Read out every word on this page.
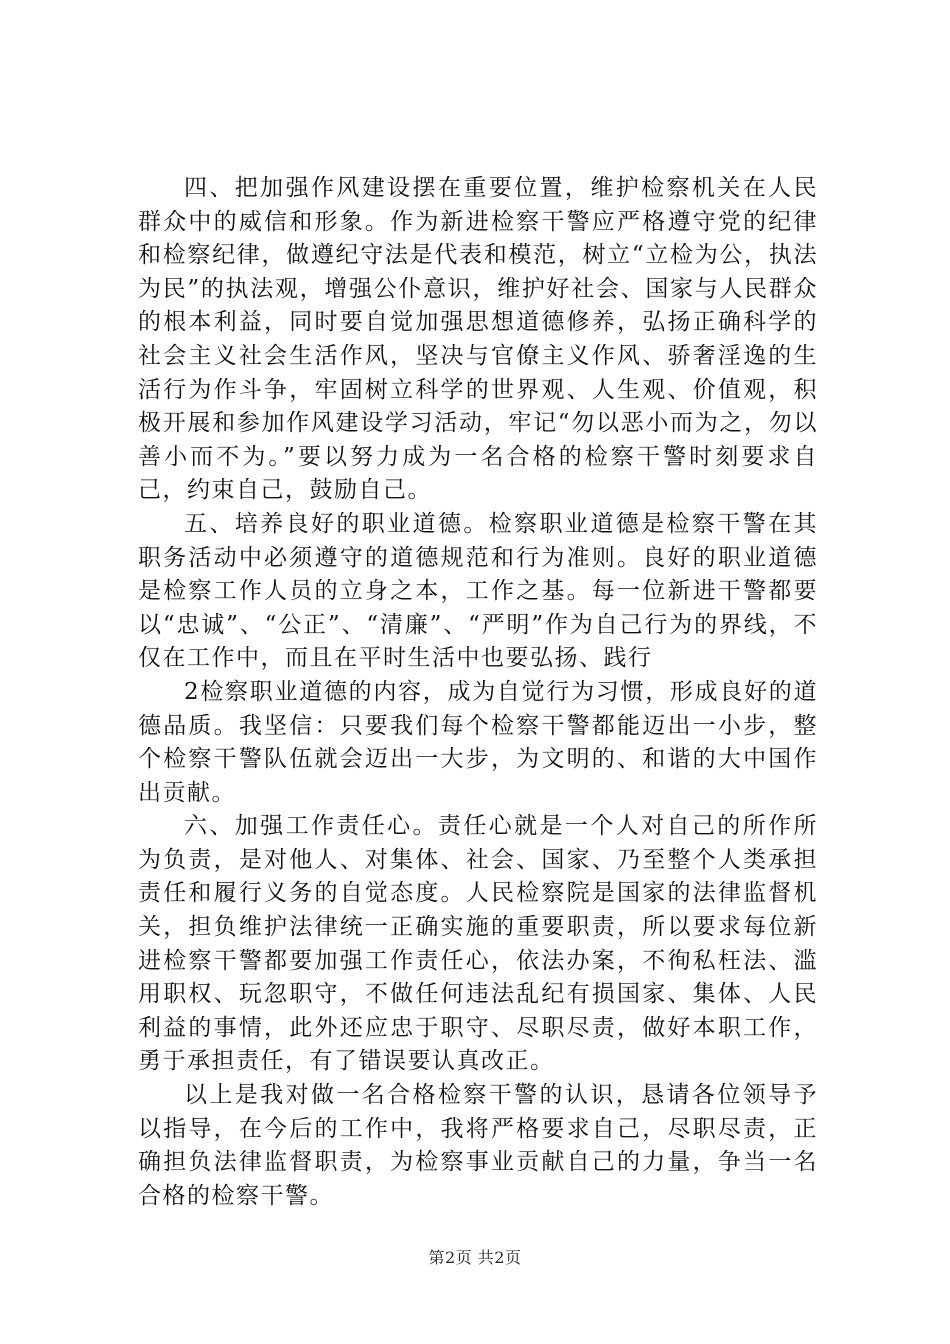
四、把加强作风建设摆在重要位置，维护检察机关在人民群众中的威信和形象。作为新进检察干警应严格遵守党的纪律和检察纪律，做遵纪守法是代表和模范，树立“立检为公，执法为民”的执法观，增强公仆意识，维护好社会、国家与人民群众的根本利益，同时要自觉加强思想道德修养，弘扬正确科学的社会主义社会生活作风，坚决与官僚主义作风、骄奢淫逸的生活行为作斗争，牢固树立科学的世界观、人生观、价值观，积极开展和参加作风建设学习活动，牢记“勿以恶小而为之，勿以善小而不为。”要以努力成为一名合格的检察干警时刻要求自己，约束自己，鼓励自己。

五、培养良好的职业道德。检察职业道德是检察干警在其职务活动中必须遵守的道德规范和行为准则。良好的职业道德是检察工作人员的立身之本，工作之基。每一位新进干警都要以“忠诚”、“公正”、“清廉”、“严明”作为自己行为的界线，不仅在工作中，而且在平时生活中也要弘扬、践行

2检察职业道德的内容，成为自觉行为习惯，形成良好的道德品质。我坚信：只要我们每个检察干警都能迈出一小步，整个检察干警队伍就会迈出一大步，为文明的、和谐的大中国作出贡献。

六、加强工作责任心。责任心就是一个人对自己的所作所为负责，是对他人、对集体、社会、国家、乃至整个人类承担责任和履行义务的自觉态度。人民检察院是国家的法律监督机关，担负维护法律统一正确实施的重要职责，所以要求每位新进检察干警都要加强工作责任心，依法办案，不徇私枉法、滥用职权、玩忽职守，不做任何违法乱纪有损国家、集体、人民利益的事情，此外还应忠于职守、尽职尽责，做好本职工作，勇于承担责任，有了错误要认真改正。

以上是我对做一名合格检察干警的认识，恳请各位领导予以指导，在今后的工作中，我将严格要求自己，尽职尽责，正确担负法律监督职责，为检察事业贡献自己的力量，争当一名合格的检察干警。

第2页 共2页
